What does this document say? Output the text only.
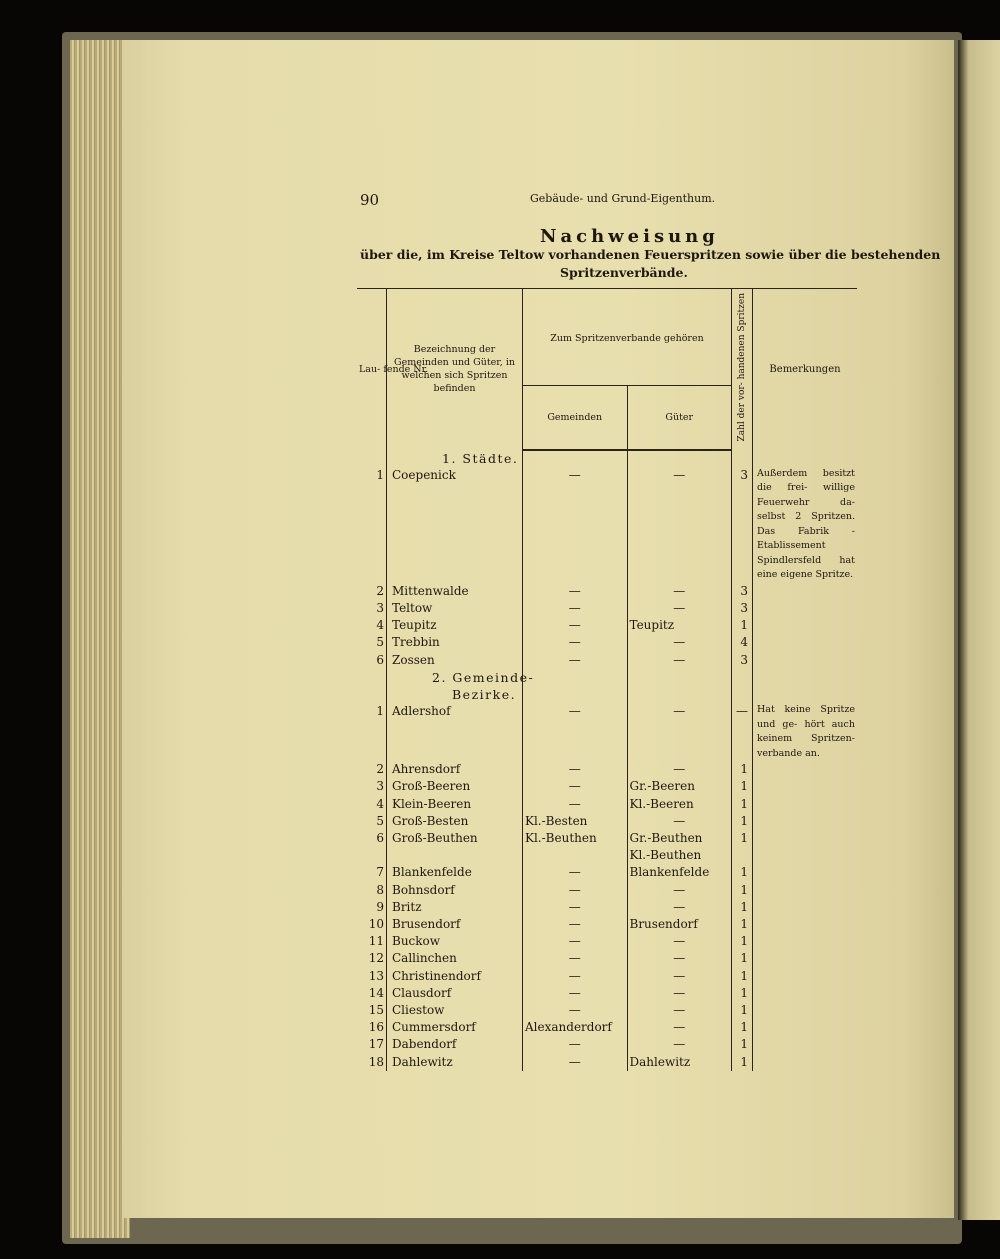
90	Gebäude- und Grund-Eigenthum.
Nachweisung
über die, im Kreise Teltow vorhandenen Feuerspritzen sowie über die bestehenden
Spritzenverbände.
Lau- fende Nr.	Bezeichnung der Gemeinden und Güter, in welchen sich Spritzen befinden	Zum Spritzenverbande gehören		Zahl der vor- handenen Spritzen	Bemerkungen
		Gemeinden	Güter		
	1. Städte.				
1	Coepenick	—	—	3	Außerdem besitzt die frei- willige Feuerwehr da- selbst 2 Spritzen. Das Fabrik - Etablissement Spindlersfeld hat eine eigene Spritze.

2	Mittenwalde	—	—	3	
3	Teltow	—	—	3	
4	Teupitz	—	Teupitz	1	
5	Trebbin	—	—	4	
6	Zossen	—	—	3	
	2. Gemeinde-				
	Bezirke.				
1	Adlershof	—	—	—	Hat keine Spritze und ge- hört auch keinem Spritzen- verbande an.

2	Ahrensdorf	—	—	1	
3	Groß-Beeren	—	Gr.-Beeren	1	
4	Klein-Beeren	—	Kl.-Beeren	1	
5	Groß-Besten	Kl.-Besten	—	1	
6	Groß-Beuthen	Kl.-Beuthen	Gr.-Beuthen	1	
			Kl.-Beuthen		
7	Blankenfelde	—	Blankenfelde	1	
8	Bohnsdorf	—	—	1	
9	Britz	—	—	1	
10	Brusendorf	—	Brusendorf	1	
11	Buckow	—	—	1	
12	Callinchen	—	—	1	
13	Christinendorf	—	—	1	
14	Clausdorf	—	—	1	
15	Cliestow	—	—	1	
16	Cummersdorf	Alexanderdorf	—	1	
17	Dabendorf	—	—	1	
18	Dahlewitz	—	Dahlewitz	1	
